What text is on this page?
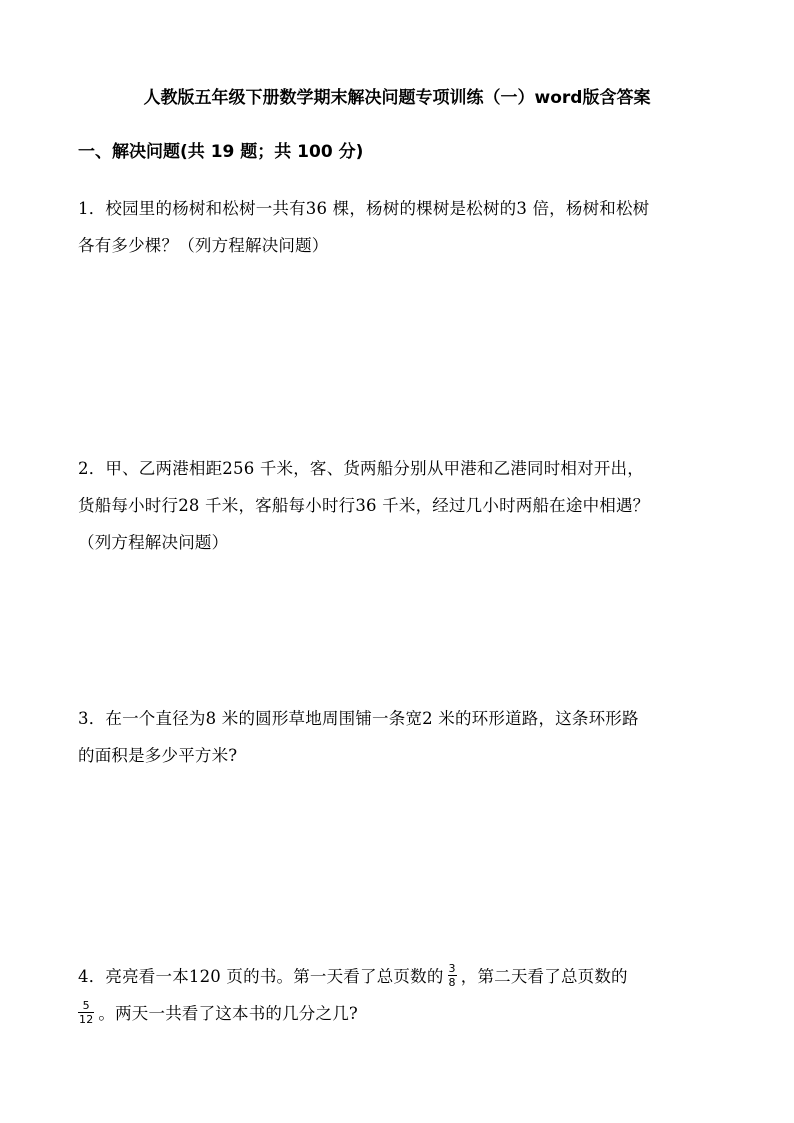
人教版五年级下册数学期末解决问题专项训练（一）word版含答案
一、解决问题(共 19 题；共 100 分)
1．校园里的杨树和松树一共有36 棵，杨树的棵树是松树的3 倍，杨树和松树
各有多少棵？（列方程解决问题）
2．甲、乙两港相距256 千米，客、货两船分别从甲港和乙港同时相对开出，
货船每小时行28 千米，客船每小时行36 千米，经过几小时两船在途中相遇？
（列方程解决问题）
3．在一个直径为8 米的圆形草地周围铺一条宽2 米的环形道路，这条环形路
的面积是多少平方米?
4．亮亮看一本120 页的书。第一天看了总页数的 $\frac{3}{8}$ ，第二天看了总页数的
$\frac{5}{12}$ 。两天一共看了这本书的几分之几?
